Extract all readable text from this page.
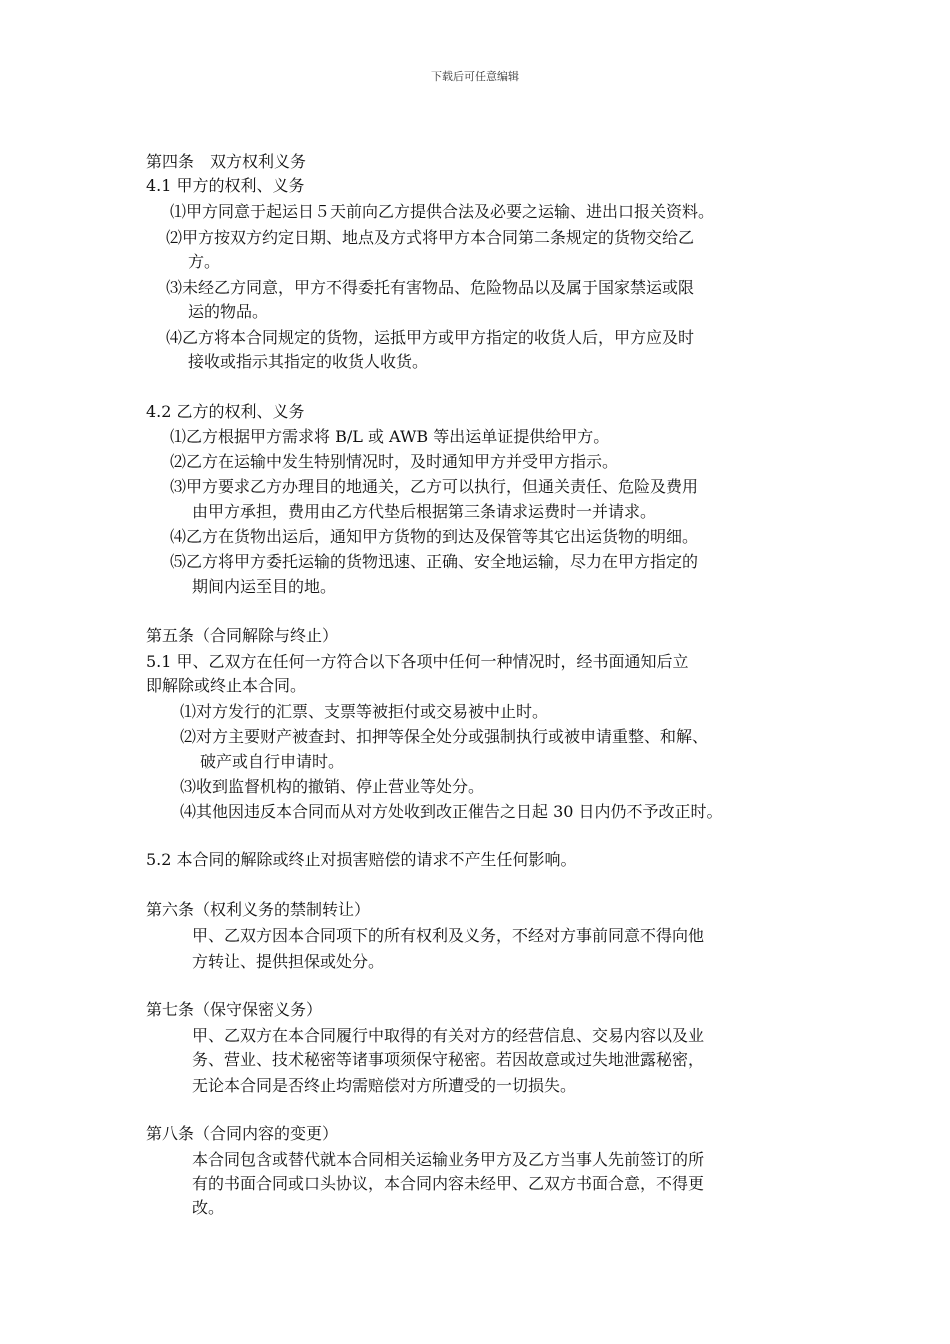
下载后可任意编辑
第四条　双方权利义务
4.1 甲方的权利、义务
⑴甲方同意于起运日５天前向乙方提供合法及必要之运输、进出口报关资料。
⑵甲方按双方约定日期、地点及方式将甲方本合同第二条规定的货物交给乙
方。
⑶未经乙方同意，甲方不得委托有害物品、危险物品以及属于国家禁运或限
运的物品。
⑷乙方将本合同规定的货物，运抵甲方或甲方指定的收货人后，甲方应及时
接收或指示其指定的收货人收货。
4.2 乙方的权利、义务
⑴乙方根据甲方需求将 B/L 或 AWB 等出运单证提供给甲方。
⑵乙方在运输中发生特别情况时，及时通知甲方并受甲方指示。
⑶甲方要求乙方办理目的地通关，乙方可以执行，但通关责任、危险及费用
由甲方承担，费用由乙方代垫后根据第三条请求运费时一并请求。
⑷乙方在货物出运后，通知甲方货物的到达及保管等其它出运货物的明细。
⑸乙方将甲方委托运输的货物迅速、正确、安全地运输，尽力在甲方指定的
期间内运至目的地。
第五条（合同解除与终止）
5.1 甲、乙双方在任何一方符合以下各项中任何一种情况时，经书面通知后立
即解除或终止本合同。
⑴对方发行的汇票、支票等被拒付或交易被中止时。
⑵对方主要财产被查封、扣押等保全处分或强制执行或被申请重整、和解、
破产或自行申请时。
⑶收到监督机构的撤销、停止营业等处分。
⑷其他因违反本合同而从对方处收到改正催告之日起 30 日内仍不予改正时。
5.2 本合同的解除或终止对损害赔偿的请求不产生任何影响。
第六条（权利义务的禁制转让）
甲、乙双方因本合同项下的所有权利及义务，不经对方事前同意不得向他
方转让、提供担保或处分。
第七条（保守保密义务）
甲、乙双方在本合同履行中取得的有关对方的经营信息、交易内容以及业
务、营业、技术秘密等诸事项须保守秘密。若因故意或过失地泄露秘密，
无论本合同是否终止均需赔偿对方所遭受的一切损失。
第八条（合同内容的变更）
本合同包含或替代就本合同相关运输业务甲方及乙方当事人先前签订的所
有的书面合同或口头协议，本合同内容未经甲、乙双方书面合意，不得更
改。
